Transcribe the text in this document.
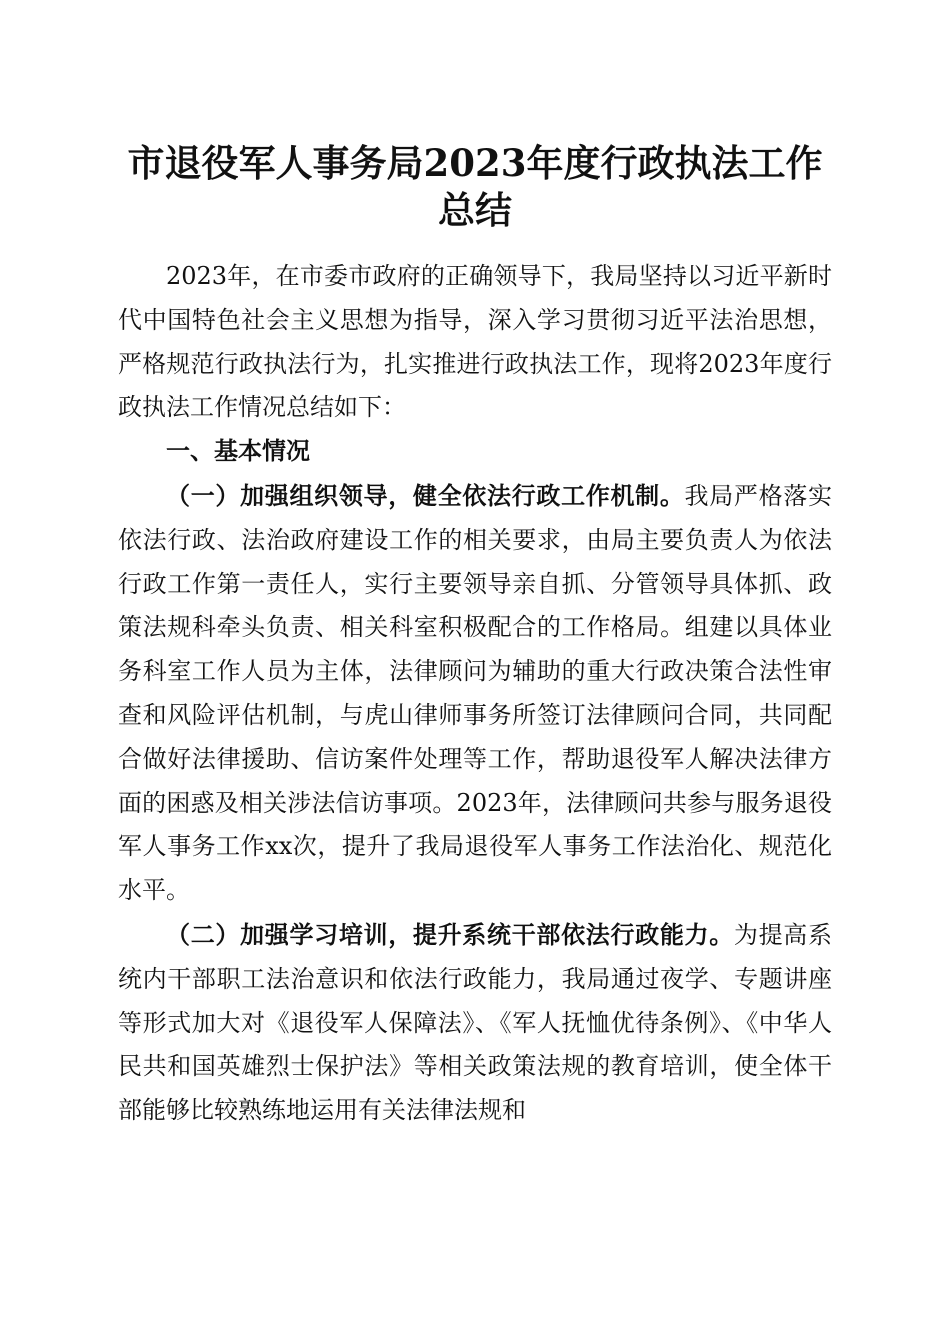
市退役军人事务局2023年度行政执法工作总结

2023年，在市委市政府的正确领导下，我局坚持以习近平新时代中国特色社会主义思想为指导，深入学习贯彻习近平法治思想，严格规范行政执法行为，扎实推进行政执法工作，现将2023年度行政执法工作情况总结如下：

一、基本情况

（一）加强组织领导，健全依法行政工作机制。我局严格落实依法行政、法治政府建设工作的相关要求，由局主要负责人为依法行政工作第一责任人，实行主要领导亲自抓、分管领导具体抓、政策法规科牵头负责、相关科室积极配合的工作格局。组建以具体业务科室工作人员为主体，法律顾问为辅助的重大行政决策合法性审查和风险评估机制，与虎山律师事务所签订法律顾问合同，共同配合做好法律援助、信访案件处理等工作，帮助退役军人解决法律方面的困惑及相关涉法信访事项。2023年，法律顾问共参与服务退役军人事务工作xx次，提升了我局退役军人事务工作法治化、规范化水平。

（二）加强学习培训，提升系统干部依法行政能力。为提高系统内干部职工法治意识和依法行政能力，我局通过夜学、专题讲座等形式加大对《退役军人保障法》、《军人抚恤优待条例》、《中华人民共和国英雄烈士保护法》等相关政策法规的教育培训，使全体干部能够比较熟练地运用有关法律法规和
